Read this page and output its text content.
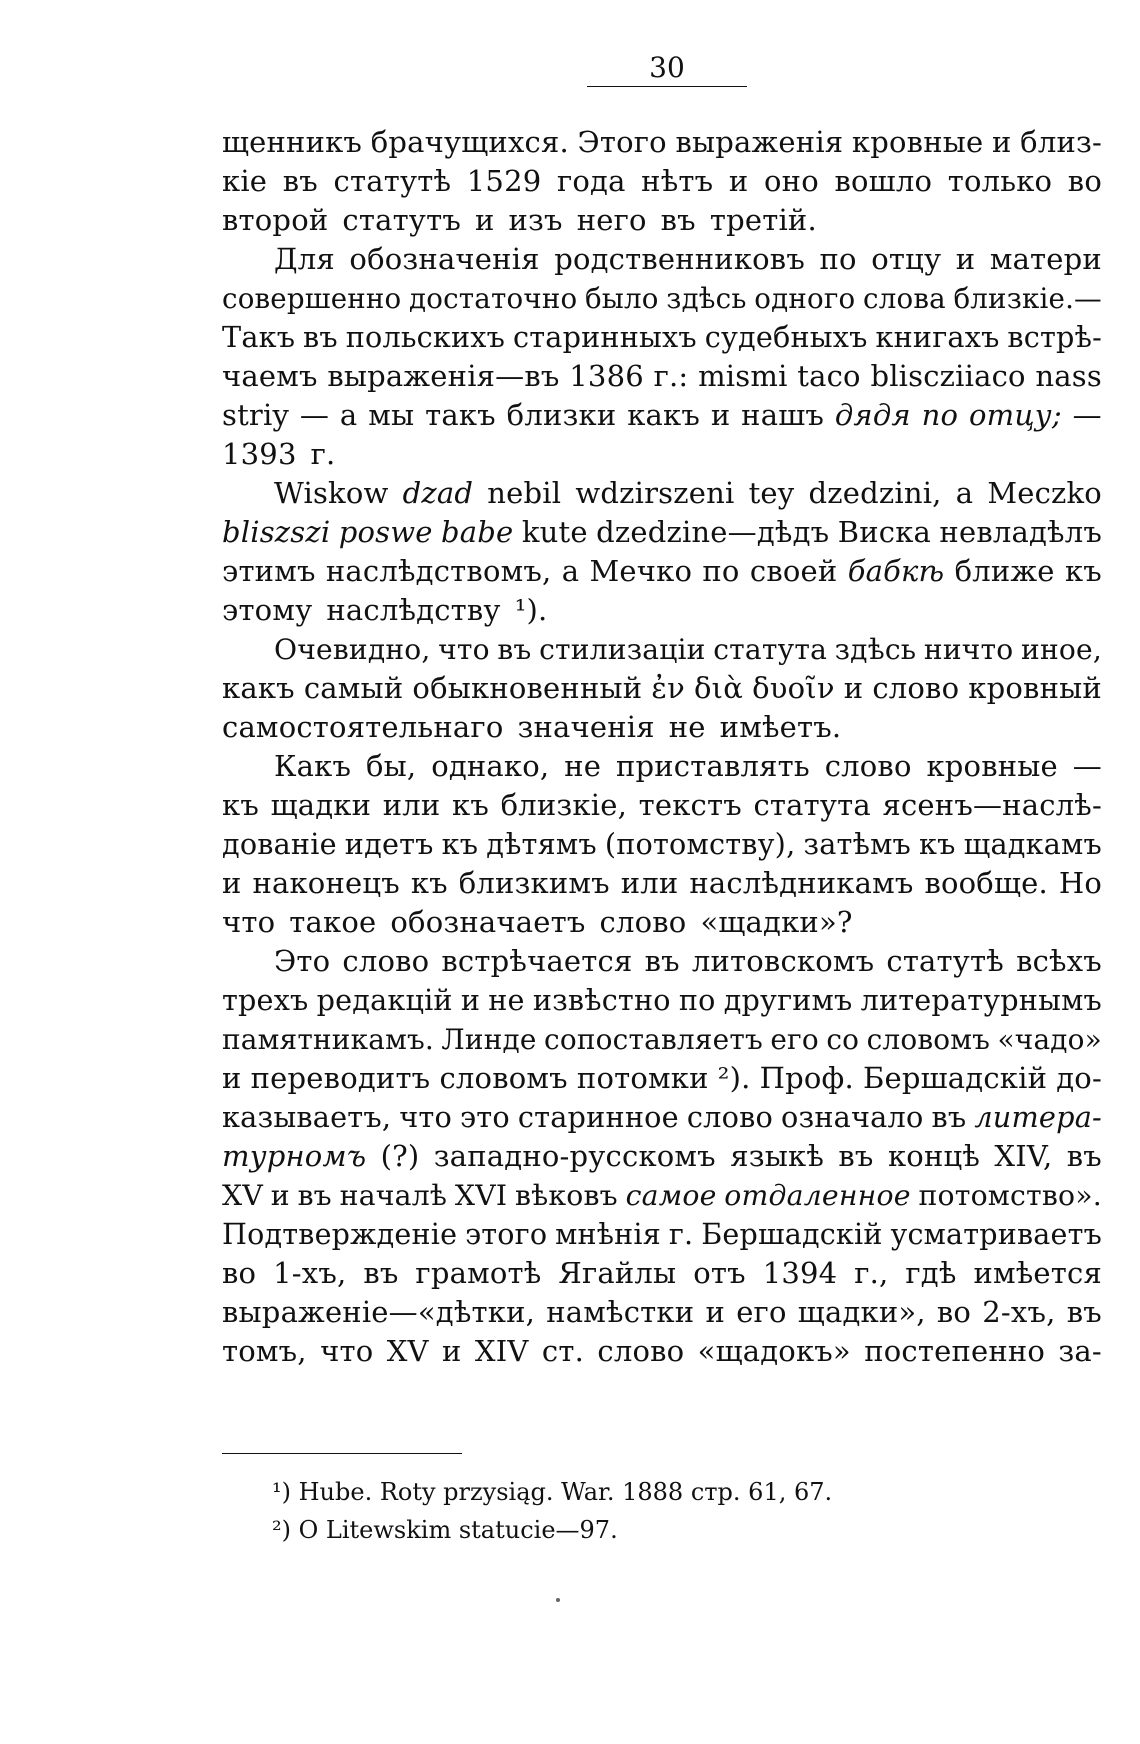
30
щенникъ брачущихся. Этого выраженія кровные и близ-
кіе въ статутѣ 1529 года нѣтъ и оно вошло только во
второй статутъ и изъ него въ третій.
Для обозначенія родственниковъ по отцу и матери
совершенно достаточно было здѣсь одного слова близкіе.—
Такъ въ польскихъ старинныхъ судебныхъ книгахъ встрѣ-
чаемъ выраженія—въ 1386 г.: mismi taco bliscziiaco nass
striy — а мы такъ близки какъ и нашъ дядя по отцу; —
1393 г.
Wiskow dzad nebil wdzirszeni tey dzedzini, a Meczko
bliszszi poswe babe kute dzedzine—дѣдъ Виска невладѣлъ
этимъ наслѣдствомъ, а Мечко по своей бабкѣ ближе къ
этому наслѣдству ¹).
Очевидно, что въ стилизаціи статута здѣсь ничто иное,
какъ самый обыкновенный ἐν διὰ δυοῖν и слово кровный
самостоятельнаго значенія не имѣетъ.
Какъ бы, однако, не приставлять слово кровные —
къ щадки или къ близкіе, текстъ статута ясенъ—наслѣ-
дованіе идетъ къ дѣтямъ (потомству), затѣмъ къ щадкамъ
и наконецъ къ близкимъ или наслѣдникамъ вообще. Но
что такое обозначаетъ слово «щадки»?
Это слово встрѣчается въ литовскомъ статутѣ всѣхъ
трехъ редакцій и не извѣстно по другимъ литературнымъ
памятникамъ. Линде сопоставляетъ его со словомъ «чадо»
и переводитъ словомъ потомки ²). Проф. Бершадскій до-
казываетъ, что это старинное слово означало въ литера-
турномъ (?) западно-русскомъ языкѣ въ концѣ XIV, въ
XV и въ началѣ XVI вѣковъ самое отдаленное потомство».
Подтвержденіе этого мнѣнія г. Бершадскій усматриваетъ
во 1-хъ, въ грамотѣ Ягайлы отъ 1394 г., гдѣ имѣется
выраженіе—«дѣтки, намѣстки и его щадки», во 2-хъ, въ
томъ, что XV и XIV ст. слово «щадокъ» постепенно за-
¹) Hube. Roty przysiąg. War. 1888 стр. 61, 67.
²) O Litewskim statucie—97.
